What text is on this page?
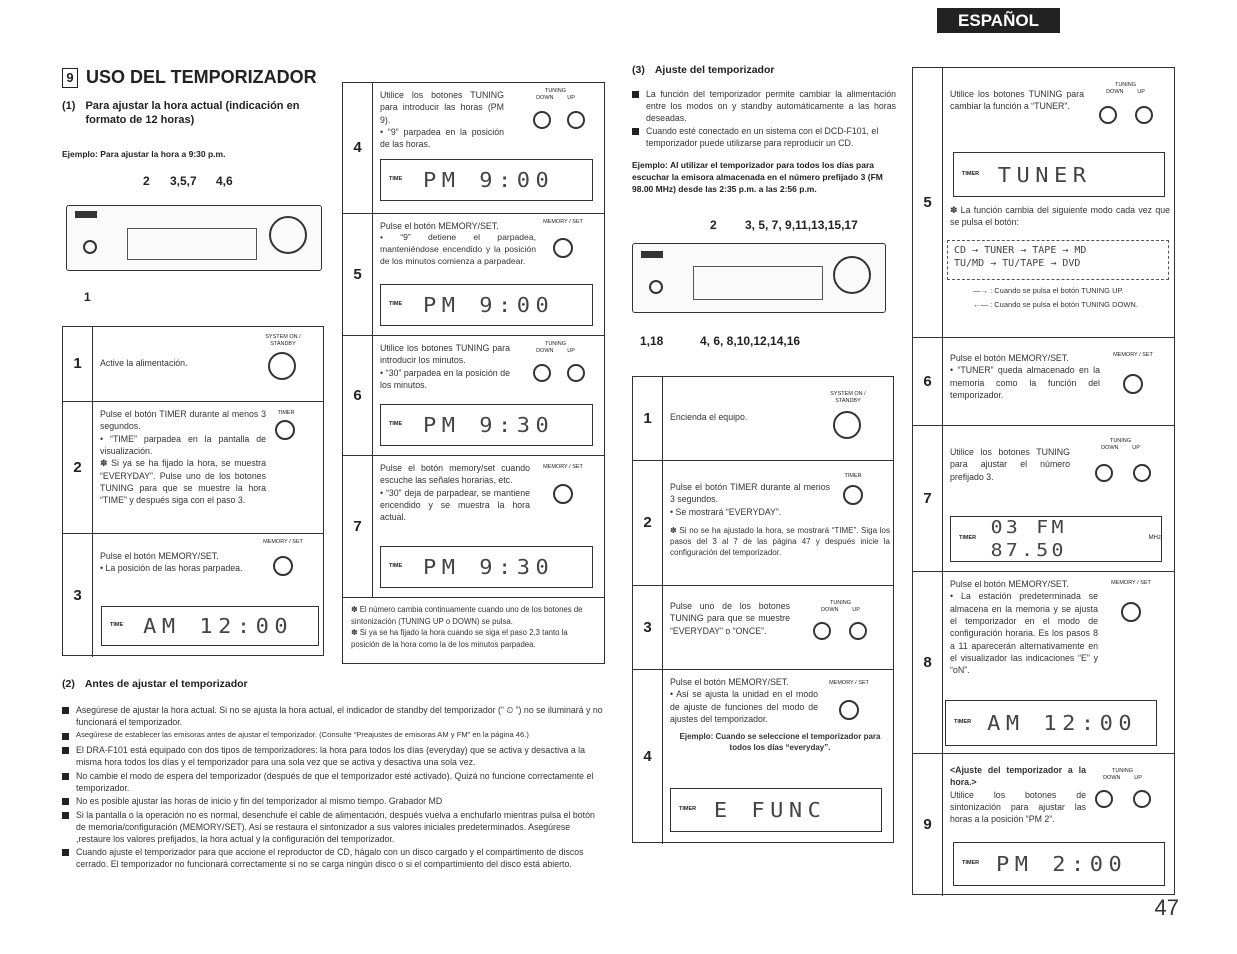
ESPAÑOL
9 USO DEL TEMPORIZADOR
(1) Para ajustar la hora actual (indicación en formato de 12 horas)
Ejemplo: Para ajustar la hora a 9:30 p.m.
2 3,5,7 4,6
1
1	Active la alimentación.
SYSTEM ON / STANDBY
2
Pulse el botón TIMER durante al menos 3 segundos.
• “TIME” parpadea en la pantalla de visualización.
✽ Si ya se ha fijado la hora, se muestra “EVERYDAY”. Pulse uno de los botones TUNING para que se muestre la hora “TIME” y después siga con el paso 3.
TIMER
3
Pulse el botón MEMORY/SET.
• La posición de las horas parpadea.
MEMORY / SET
TIME	AM 12:00
4
Utilice los botones TUNING para introducir las horas (PM 9).
• “9” parpadea en la posición de las horas.
TUNING
DOWN	UP
TIME	PM 9:00
5
Pulse el botón MEMORY/SET.
• “9” detiene el parpadea, manteniéndose encendido y la posición de los minutos comienza a parpadear.
MEMORY / SET
TIME	PM 9:00
6
Utilice los botones TUNING para introducir los minutos.
• “30” parpadea en la posición de los minutos.
TUNING
DOWN	UP
TIME	PM 9:30
7
Pulse el botón memory/set cuando escuche las señales horarias, etc.
• “30” deja de parpadear, se mantiene encendido y se muestra la hora actual.
MEMORY / SET
TIME	PM 9:30
✽ El número cambia continuamente cuando uno de los botones de sintonización (TUNING UP o DOWN) se pulsa.
✽ Si ya se ha fijado la hora cuando se siga el paso 2,3 tanto la posición de la hora como la de los minutos parpadea.
(2) Antes de ajustar el temporizador
Asegúrese de ajustar la hora actual. Si no se ajusta la hora actual, el indicador de standby del temporizador (“ ⏲ ”) no se iluminará y no funcionará el temporizador.
Asegúrese de establecer las emisoras antes de ajustar el temporizador. (Consulte “Preajustes de emisoras AM y FM” en la página 46.)
El DRA-F101 está equipado con dos tipos de temporizadores: la hora para todos los días (everyday) que se activa y desactiva a la misma hora todos los días y el temporizador para una sola vez que se activa y desactiva una sola vez.
No cambie el modo de espera del temporizador (después de que el temporizador esté activado). Quizá no funcione correctamente el temporizador.
No es posible ajustar las horas de inicio y fin del temporizador al mismo tiempo. Grabador MD
Si la pantalla o la operación no es normal, desenchufe el cable de alimentación, después vuelva a enchufarlo mientras pulsa el botón de memoria/configuración (MEMORY/SET). Así se restaura el sintonizador a sus valores iniciales predeterminados. Asegúrese ,restaure los valores prefijados, la hora actual y la configuración del temporizador.
Cuando ajuste el temporizador para que accione el reproductor de CD, hágalo con un disco cargado y el compartimento de discos cerrado. El temporizador no funcionará correctamente si no se carga ningún disco o si el compartimiento del disco está abierto.
(3) Ajuste del temporizador
La función del temporizador permite cambiar la alimentación entre los modos on y standby automáticamente a las horas deseadas.
Cuando esté conectado en un sistema con el DCD-F101, el temporizador puede utilizarse para reproducir un CD.
Ejemplo: Al utilizar el temporizador para todos los días para escuchar la emisora almacenada en el número prefijado 3 (FM 98.00 MHz) desde las 2:35 p.m. a las 2:56 p.m.
2 3, 5, 7, 9,11,13,15,17
1,18	4, 6, 8,10,12,14,16
1	Encienda el equipo.
SYSTEM ON / STANDBY
2
Pulse el botón TIMER durante al menos 3 segundos.
• Se mostrará “EVERYDAY”.
✽ Si no se ha ajustado la hora, se mostrará “TIME”. Siga los pasos del 3 al 7 de las página 47 y después inicie la configuración del temporizador.
TIMER
3
Pulse uno de los botones TUNING para que se muestre “EVERYDAY” o “ONCE”.
TUNING
DOWN	UP
4
Pulse el botón MEMORY/SET.
• Así se ajusta la unidad en el modo de ajuste de funciones del modo de ajustes del temporizador.
Ejemplo: Cuando se seleccione el temporizador para todos los días “everyday”.
MEMORY / SET
TIMER E FUNC
5
Utilice los botones TUNING para cambiar la función a “TUNER”.
TUNING
DOWN	UP
TIMER TUNER
✽ La función cambia del siguiente modo cada vez que se pulsa el botón:
CD → TUNER → TAPE → MD
TU/MD → TU/TAPE → DVD
—→ : Cuando se pulsa el botón TUNING UP.
←— : Cuando se pulsa el botón TUNING DOWN.
6
Pulse el botón MEMORY/SET.
• “TUNER” queda almacenado en la memoria como la función del temporizador.
MEMORY / SET
7
Utilice los botones TUNING para ajustar el número prefijado 3.
TUNING
DOWN	UP
TIMER
03 FM 87.50
MHz
8
Pulse el botón MEMORY/SET.
• La estación predeterminada se almacena en la memoria y se ajusta el temporizador en el modo de configuración horaria. Es los pasos 8 a 11 aparecerán alternativamente en el visualizador las indicaciones “E” y “oN”.
MEMORY / SET
TIMER AM 12:00
9
<Ajuste del temporizador a la hora.>
Utilice los botones de sintonización para ajustar las horas a la posición “PM 2”.
TUNING
DOWN	UP
TIMER PM 2:00
47
